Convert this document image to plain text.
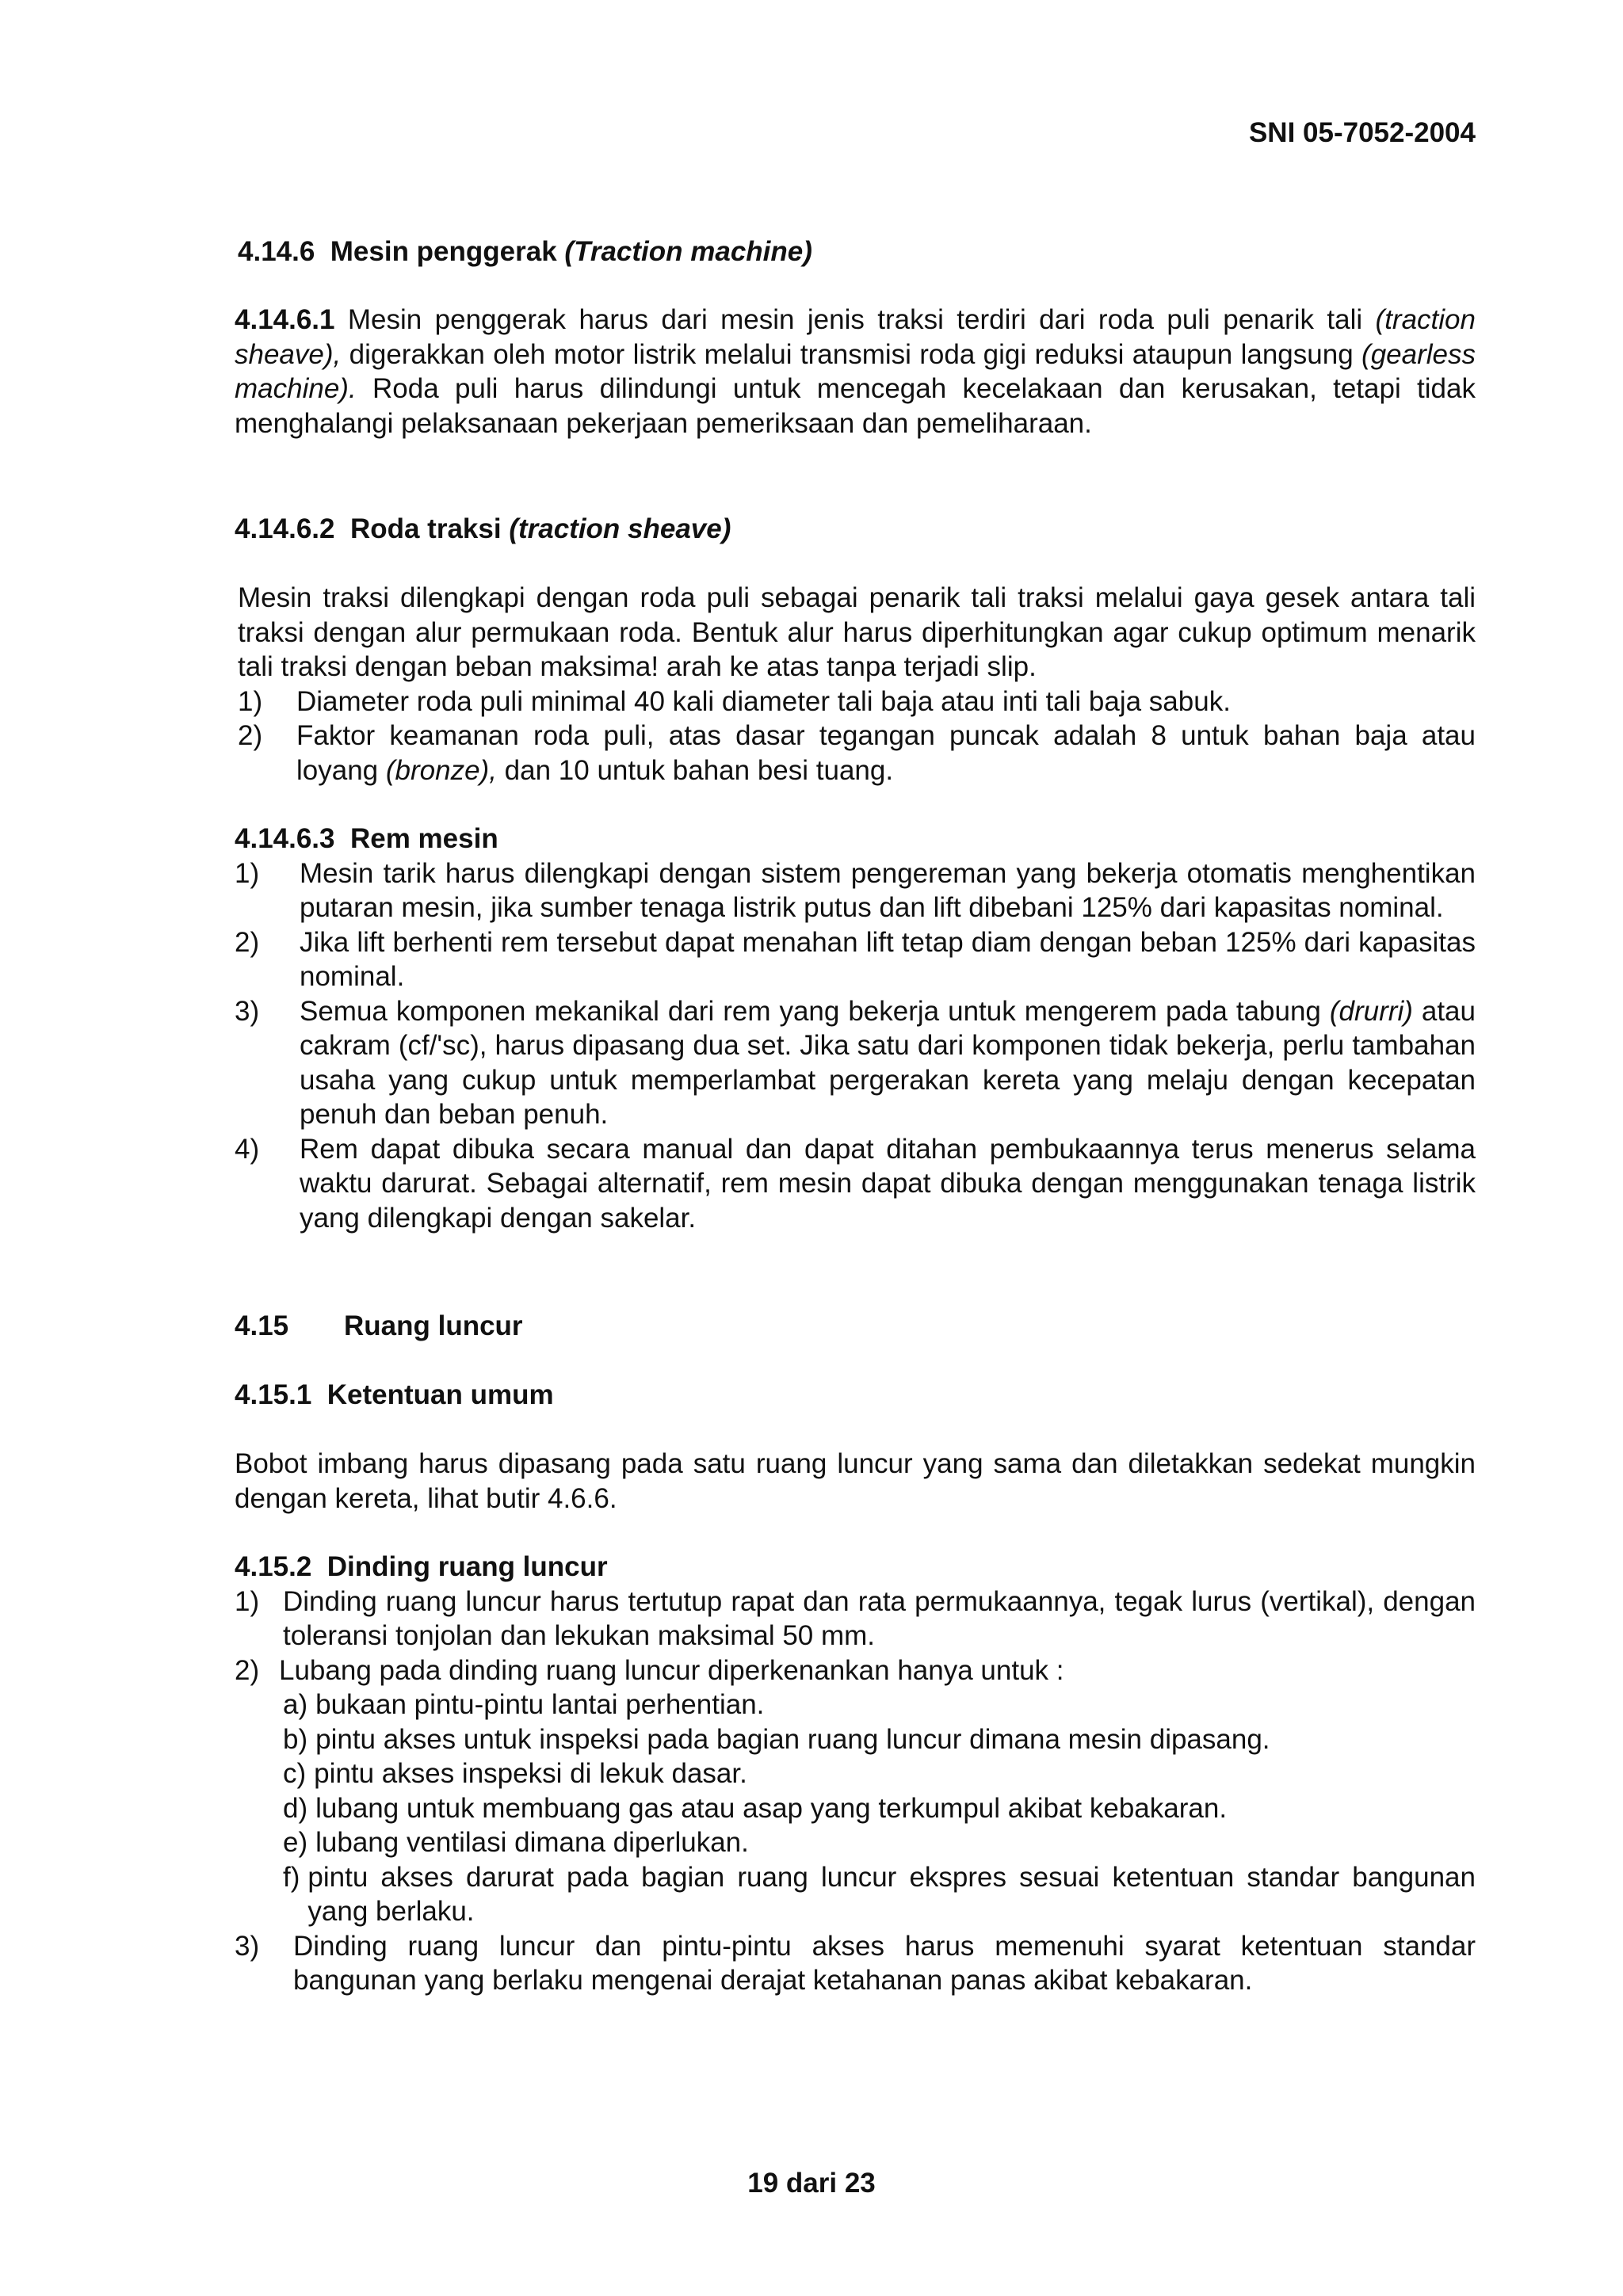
SNI 05-7052-2004
4.14.6 Mesin penggerak (Traction machine)
4.14.6.1 Mesin penggerak harus dari mesin jenis traksi terdiri dari roda puli penarik tali (traction sheave), digerakkan oleh motor listrik melalui transmisi roda gigi reduksi ataupun langsung (gearless machine). Roda puli harus dilindungi untuk mencegah kecelakaan dan kerusakan, tetapi tidak menghalangi pelaksanaan pekerjaan pemeriksaan dan pemeliharaan.
4.14.6.2 Roda traksi (traction sheave)
Mesin traksi dilengkapi dengan roda puli sebagai penarik tali traksi melalui gaya gesek antara tali traksi dengan alur permukaan roda. Bentuk alur harus diperhitungkan agar cukup optimum menarik tali traksi dengan beban maksima! arah ke atas tanpa terjadi slip.
1)	Diameter roda puli minimal 40 kali diameter tali baja atau inti tali baja sabuk.
2)	Faktor keamanan roda puli, atas dasar tegangan puncak adalah 8 untuk bahan baja atau loyang (bronze), dan 10 untuk bahan besi tuang.
4.14.6.3 Rem mesin
1)	Mesin tarik harus dilengkapi dengan sistem pengereman yang bekerja otomatis menghentikan putaran mesin, jika sumber tenaga listrik putus dan lift dibebani 125% dari kapasitas nominal.
2)	Jika lift berhenti rem tersebut dapat menahan lift tetap diam dengan beban 125% dari kapasitas nominal.
3)	Semua komponen mekanikal dari rem yang bekerja untuk mengerem pada tabung (drurri) atau cakram (cf/'sc), harus dipasang dua set. Jika satu dari komponen tidak bekerja, perlu tambahan usaha yang cukup untuk memperlambat pergerakan kereta yang melaju dengan kecepatan penuh dan beban penuh.
4)	Rem dapat dibuka secara manual dan dapat ditahan pembukaannya terus menerus selama waktu darurat. Sebagai alternatif, rem mesin dapat dibuka dengan menggunakan tenaga listrik yang dilengkapi dengan sakelar.
4.15 Ruang luncur
4.15.1 Ketentuan umum
Bobot imbang harus dipasang pada satu ruang luncur yang sama dan diletakkan sedekat mungkin dengan kereta, lihat butir 4.6.6.
4.15.2 Dinding ruang luncur
1) Dinding ruang luncur harus tertutup rapat dan rata permukaannya, tegak lurus (vertikal), dengan toleransi tonjolan dan lekukan maksimal 50 mm.
2) Lubang pada dinding ruang luncur diperkenankan hanya untuk :
a) bukaan pintu-pintu lantai perhentian.
b) pintu akses untuk inspeksi pada bagian ruang luncur dimana mesin dipasang.
c) pintu akses inspeksi di lekuk dasar.
d) lubang untuk membuang gas atau asap yang terkumpul akibat kebakaran.
e) lubang ventilasi dimana diperlukan.
f) pintu akses darurat pada bagian ruang luncur ekspres sesuai ketentuan standar bangunan yang berlaku.
3)	Dinding ruang luncur dan pintu-pintu akses harus memenuhi syarat ketentuan standar bangunan yang berlaku mengenai derajat ketahanan panas akibat kebakaran.
19 dari 23
